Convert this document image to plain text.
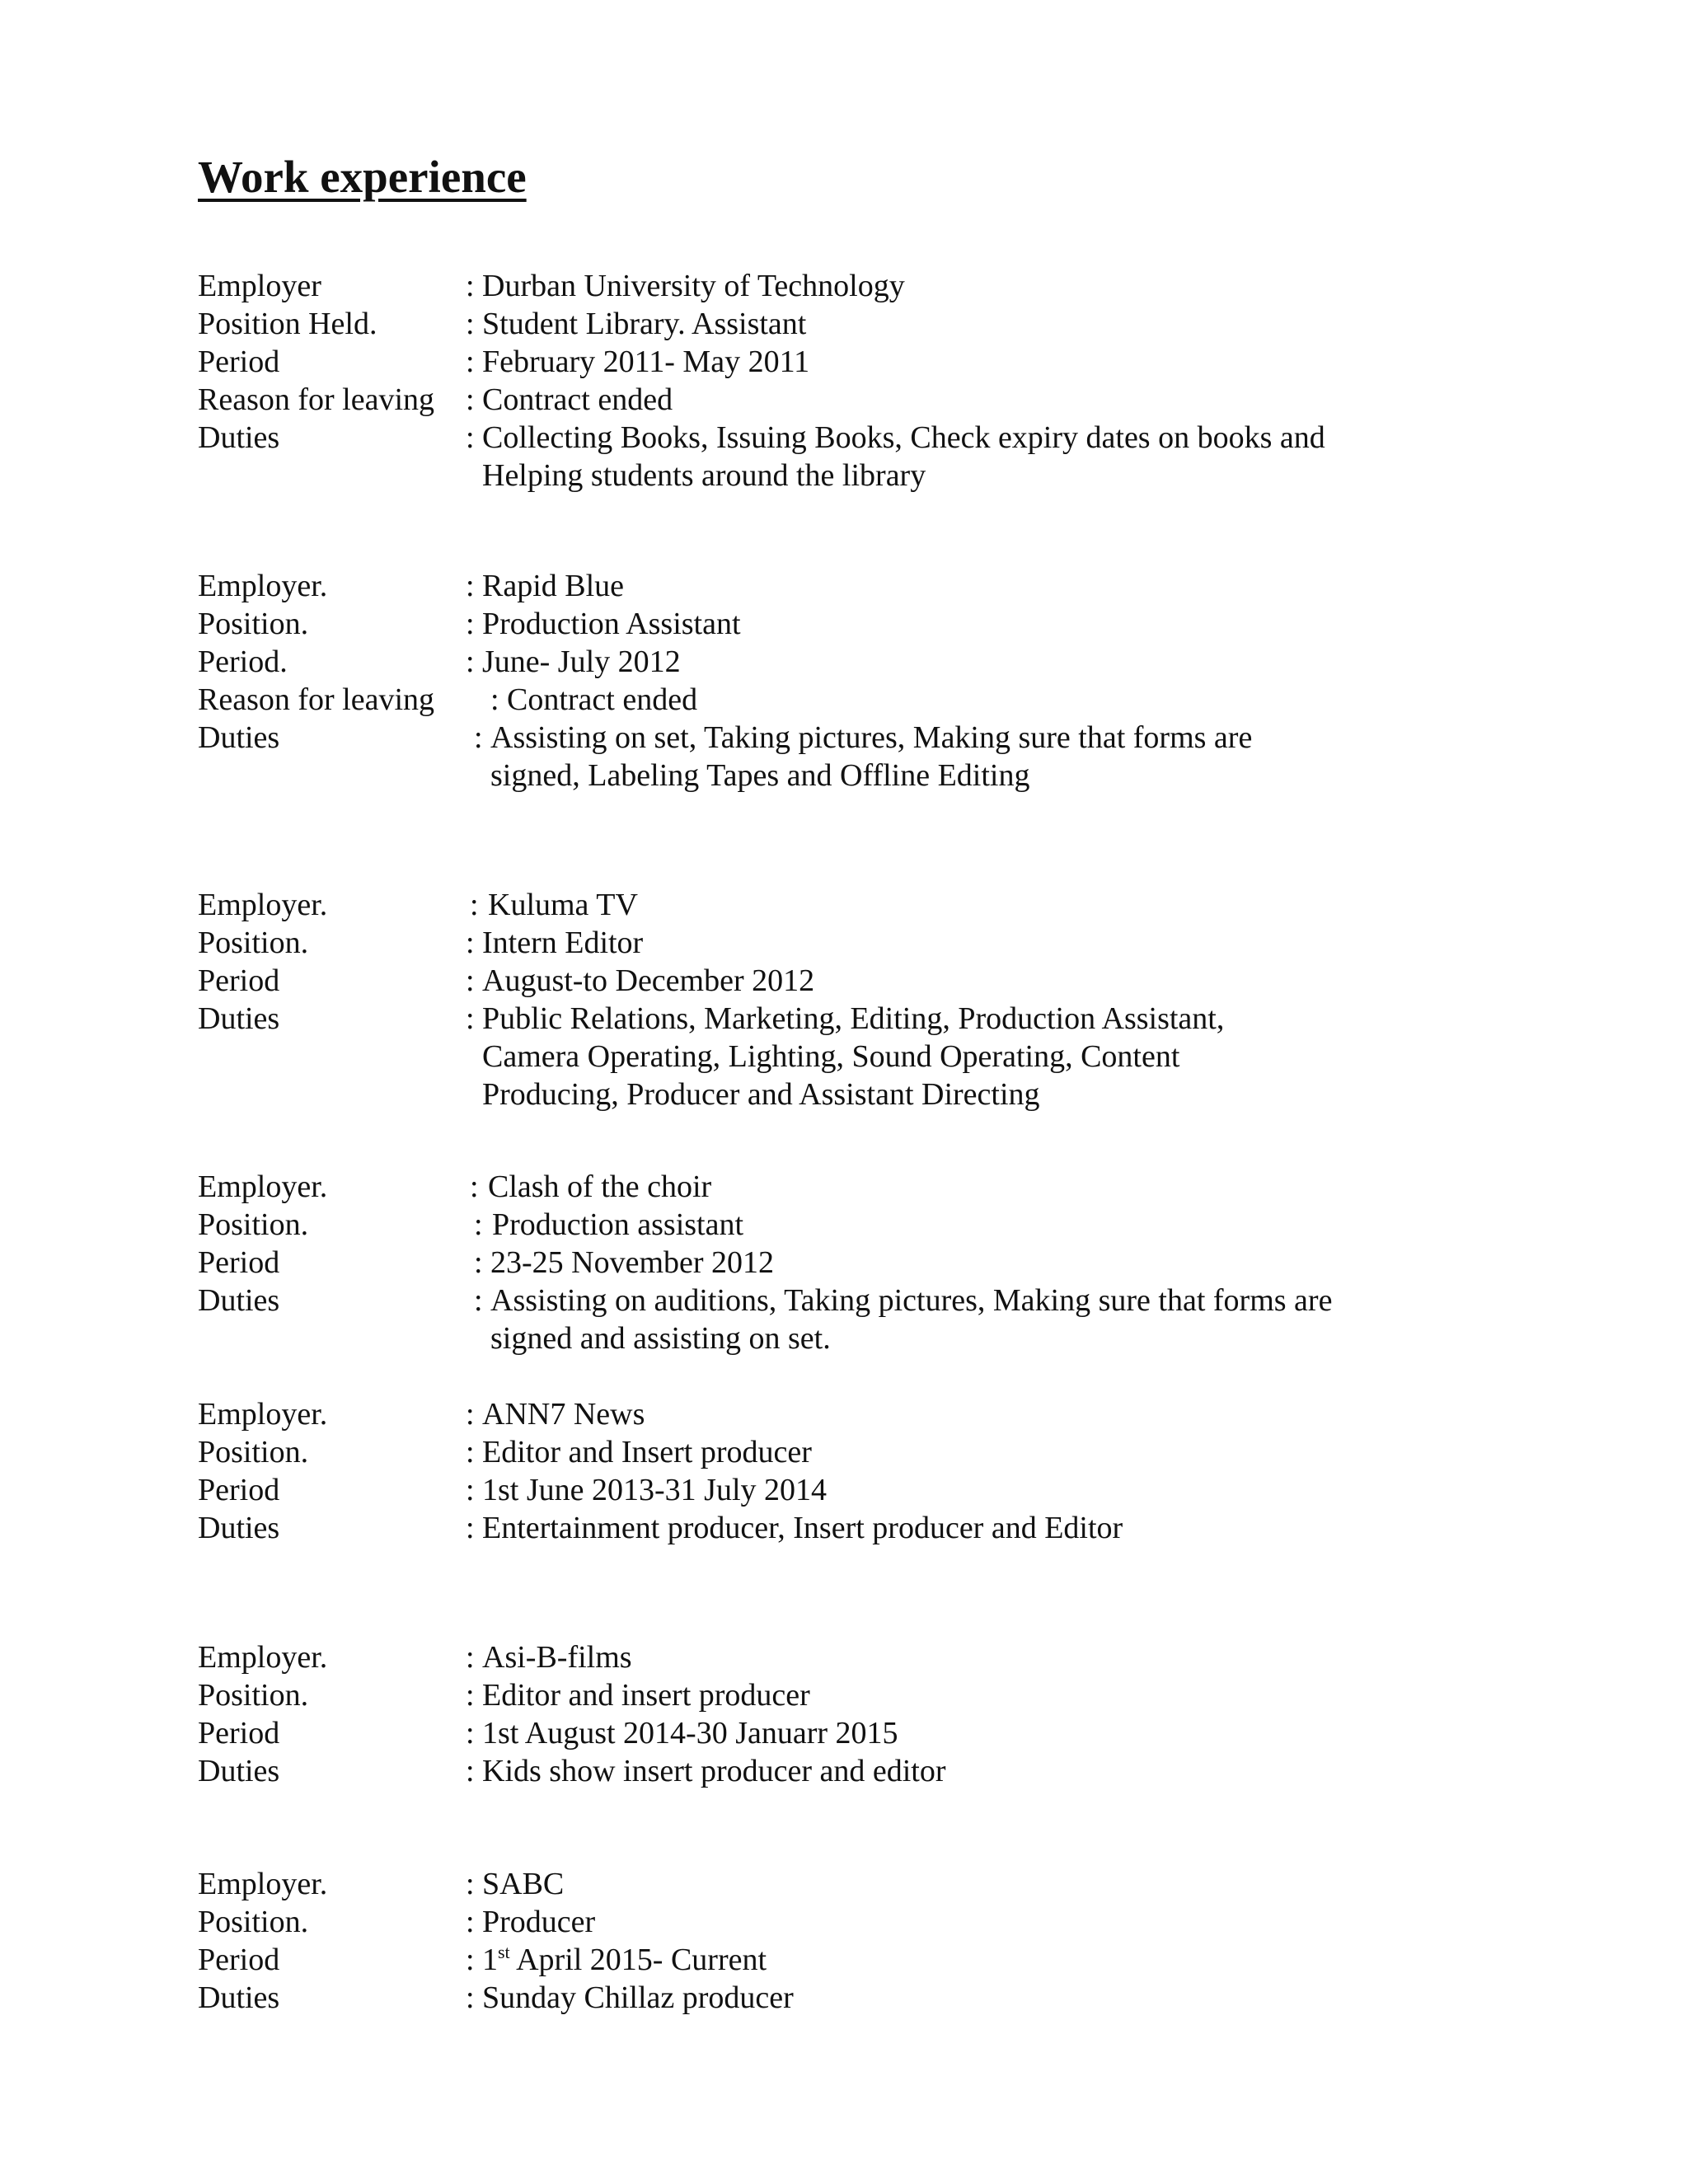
Work experience
Employer	: Durban University of Technology
Position Held.	: Student Library. Assistant
Period	: February 2011- May 2011
Reason for leaving : Contract ended
Duties	: Collecting Books, Issuing Books, Check expiry dates on books and
Helping students around the library
Employer.	: Rapid Blue
Position.	: Production Assistant
Period.	: June- July 2012
Reason for leaving : Contract ended
Duties	: Assisting on set, Taking pictures, Making sure that forms are
signed, Labeling Tapes and Offline Editing
Employer.	: Kuluma TV
Position.	: Intern Editor
Period	: August-to December 2012
Duties	: Public Relations, Marketing, Editing, Production Assistant,
Camera Operating, Lighting, Sound Operating, Content
Producing, Producer and Assistant Directing
Employer.	: Clash of the choir
Position.	: Production assistant
Period	: 23-25 November 2012
Duties	: Assisting on auditions, Taking pictures, Making sure that forms are
signed and assisting on set.
Employer.	: ANN7 News
Position.	: Editor and Insert producer
Period	: 1st June 2013-31 July 2014
Duties	: Entertainment producer, Insert producer and Editor
Employer.	: Asi-B-films
Position.	: Editor and insert producer
Period	: 1st August 2014-30 Januarr 2015
Duties	: Kids show insert producer and editor
Employer.	: SABC
Position.	: Producer
Period	: 1st April 2015- Current
Duties	: Sunday Chillaz producer
